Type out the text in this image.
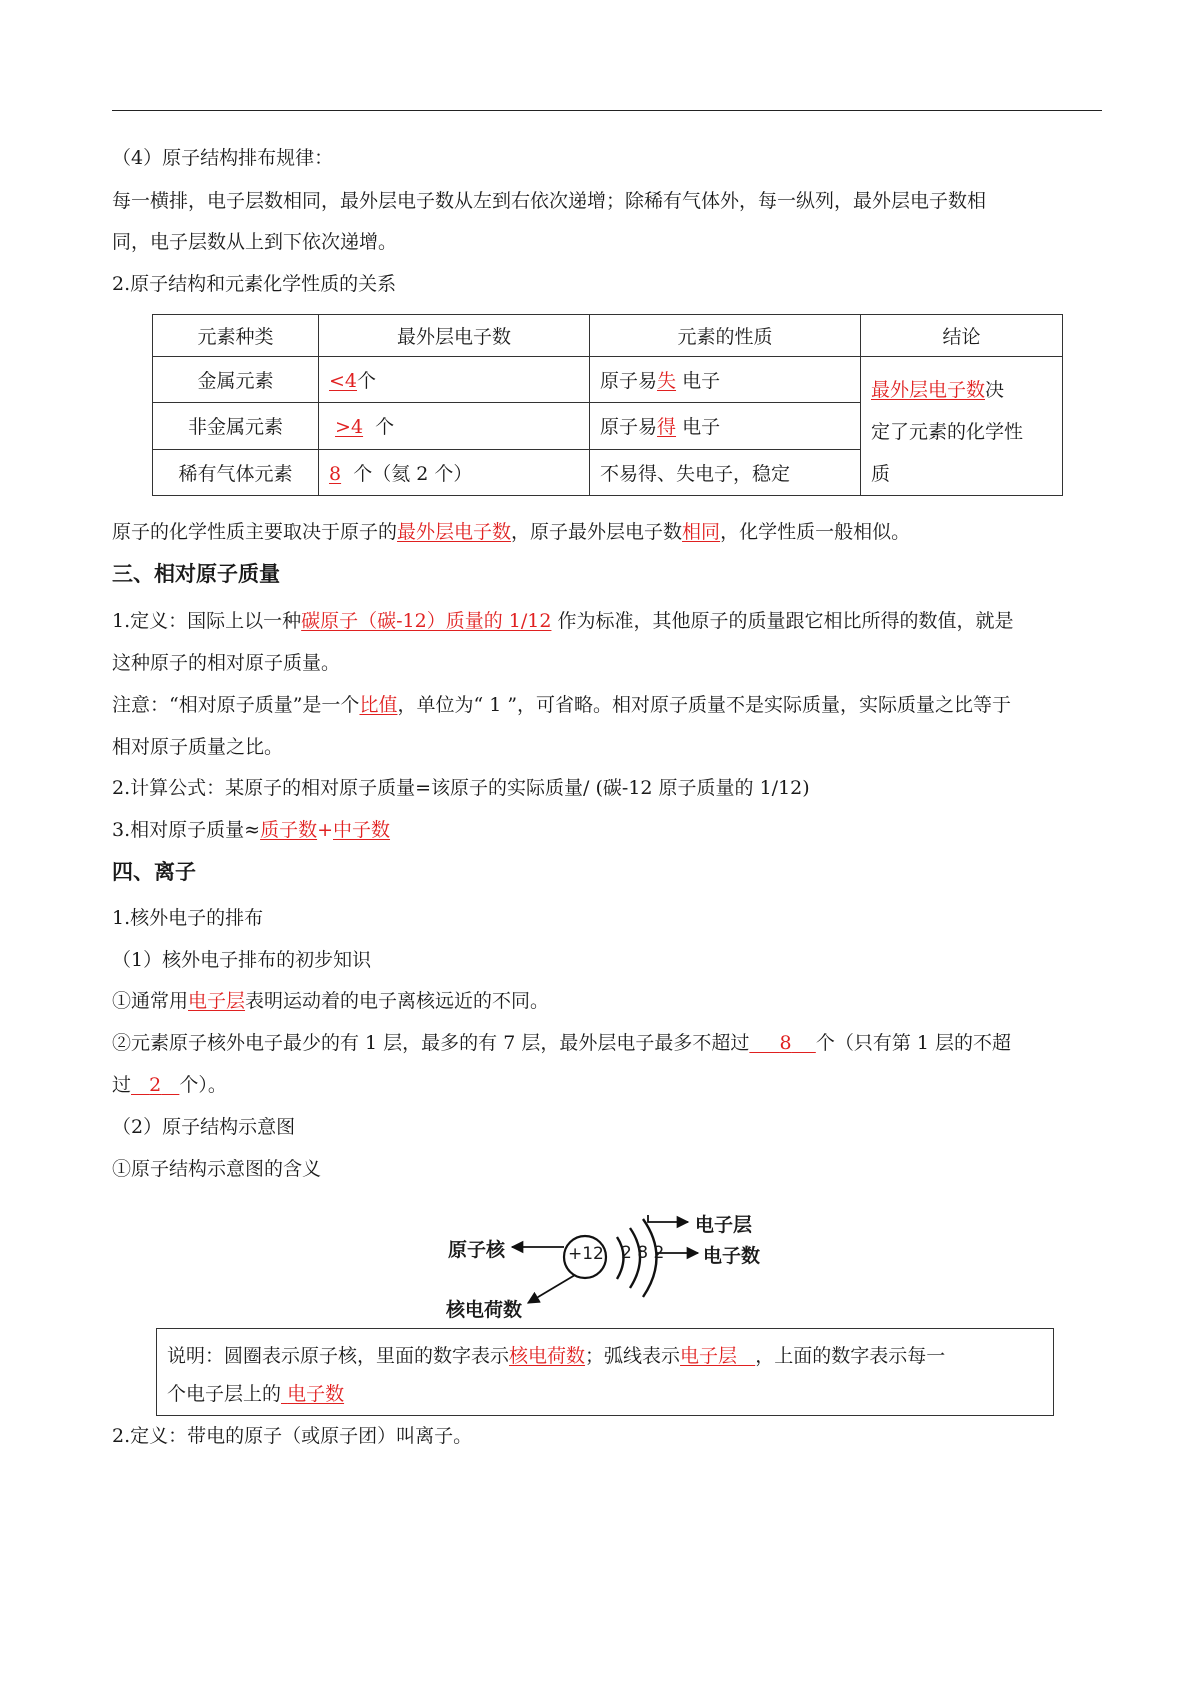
（4）原子结构排布规律：
每一横排，电子层数相同，最外层电子数从左到右依次递增；除稀有气体外，每一纵列，最外层电子数相
同，电子层数从上到下依次递增。
2.原子结构和元素化学性质的关系
元素种类	最外层电子数	元素的性质	结论
金属元素	<4个	原子易失 电子	最外层电子数决
定了元素的化学性
质
非金属元素	>4 个	原子易得 电子	
稀有气体元素	8 个（氦 2 个）	不易得、失电子，稳定	
原子的化学性质主要取决于原子的最外层电子数，原子最外层电子数相同，化学性质一般相似。
三、相对原子质量
1.定义：国际上以一种碳原子（碳-12）质量的 1/12 作为标准，其他原子的质量跟它相比所得的数值，就是
这种原子的相对原子质量。
注意：“相对原子质量”是一个比值，单位为“ 1 ”，可省略。相对原子质量不是实际质量，实际质量之比等于
相对原子质量之比。
2.计算公式：某原子的相对原子质量=该原子的实际质量/ (碳-12 原子质量的 1/12)
3.相对原子质量≈质子数+中子数
四、离子
1.核外电子的排布
（1）核外电子排布的初步知识
①通常用电子层表明运动着的电子离核远近的不同。
②元素原子核外电子最少的有 1 层，最多的有 7 层，最外层电子最多不超过 8 个（只有第 1 层的不超
过 2 个）。
（2）原子结构示意图
①原子结构示意图的含义
+12 2 8 2
原子核
核电荷数
电子层
电子数
说明：圆圈表示原子核，里面的数字表示核电荷数；弧线表示电子层 ，上面的数字表示每一
个电子层上的 电子数
2.定义：带电的原子（或原子团）叫离子。
